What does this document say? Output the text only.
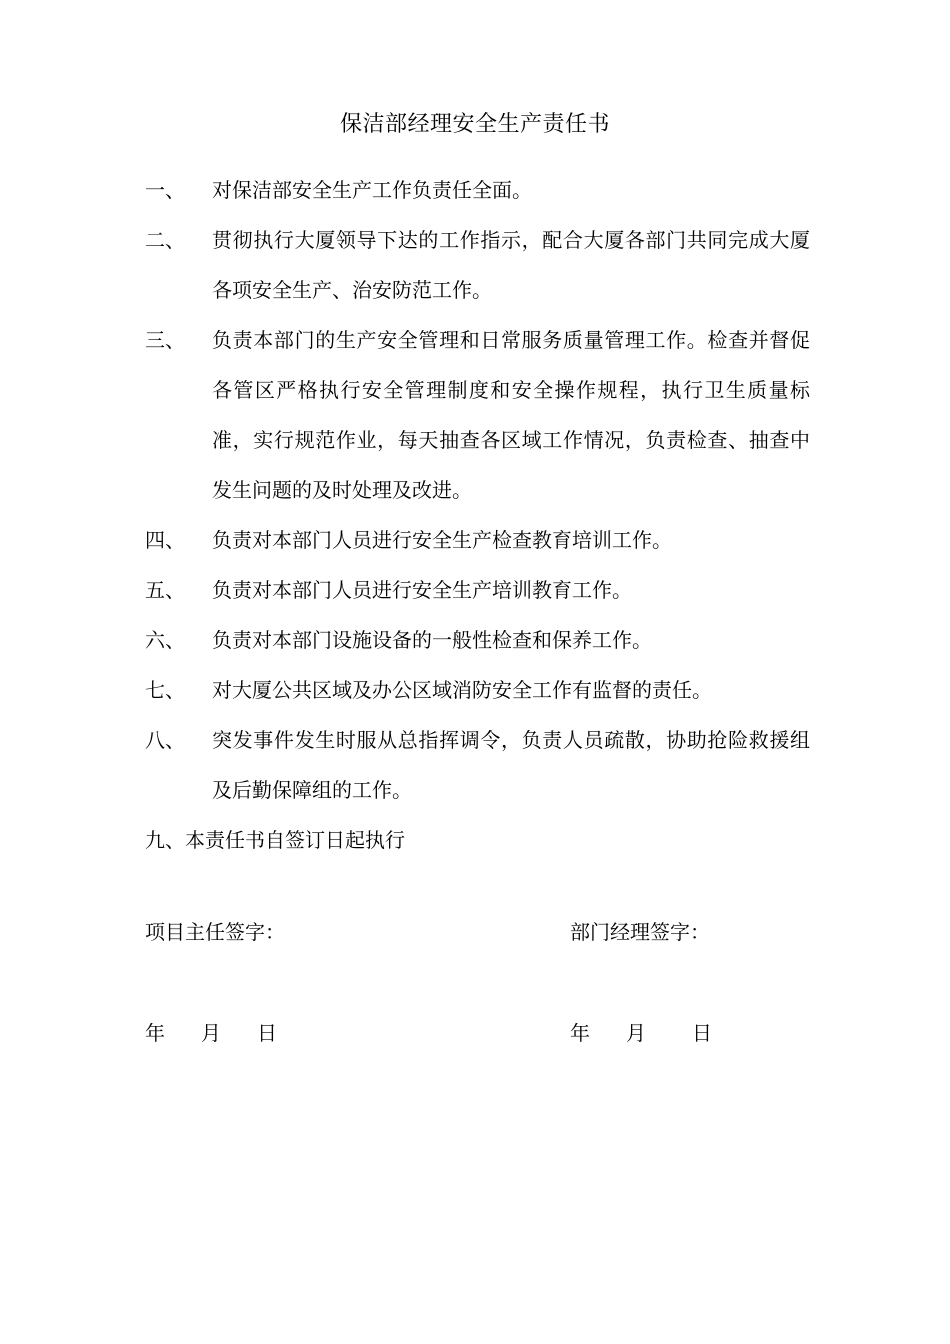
保洁部经理安全生产责任书
一、	对保洁部安全生产工作负责任全面。
二、	贯彻执行大厦领导下达的工作指示，配合大厦各部门共同完成大厦各项安全生产、治安防范工作。
三、	负责本部门的生产安全管理和日常服务质量管理工作。检查并督促各管区严格执行安全管理制度和安全操作规程，执行卫生质量标准，实行规范作业，每天抽查各区域工作情况，负责检查、抽查中发生问题的及时处理及改进。
四、	负责对本部门人员进行安全生产检查教育培训工作。
五、	负责对本部门人员进行安全生产培训教育工作。
六、	负责对本部门设施设备的一般性检查和保养工作。
七、	对大厦公共区域及办公区域消防安全工作有监督的责任。
八、	突发事件发生时服从总指挥调令，负责人员疏散，协助抢险救援组及后勤保障组的工作。
九、本责任书自签订日起执行
项目主任签字：	部门经理签字：
年 月 日	年 月 日
